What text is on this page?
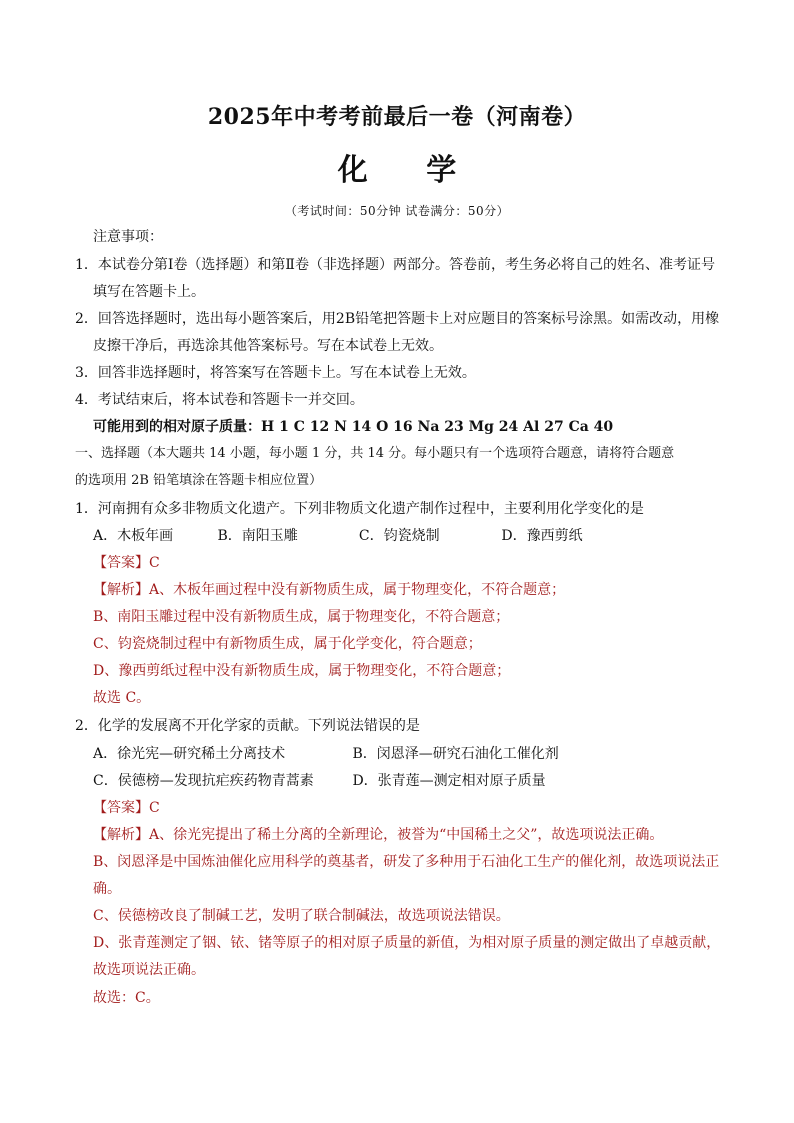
2025年中考考前最后一卷（河南卷）
化 学
（考试时间：50分钟 试卷满分：50分）
注意事项：
1．本试卷分第Ⅰ卷（选择题）和第Ⅱ卷（非选择题）两部分。答卷前，考生务必将自己的姓名、准考证号
填写在答题卡上。
2．回答选择题时，选出每小题答案后，用2B铅笔把答题卡上对应题目的答案标号涂黑。如需改动，用橡
皮擦干净后，再选涂其他答案标号。写在本试卷上无效。
3．回答非选择题时，将答案写在答题卡上。写在本试卷上无效。
4．考试结束后，将本试卷和答题卡一并交回。
可能用到的相对原子质量：H 1 C 12 N 14 O 16 Na 23 Mg 24 Al 27 Ca 40
一、选择题（本大题共 14 小题，每小题 1 分，共 14 分。每小题只有一个选项符合题意，请将符合题意
的选项用 2B 铅笔填涂在答题卡相应位置）
1．河南拥有众多非物质文化遗产。下列非物质文化遗产制作过程中，主要利用化学变化的是
A．木板年画	B．南阳玉雕	C．钧瓷烧制	D．豫西剪纸
【答案】C
【解析】A、木板年画过程中没有新物质生成，属于物理变化，不符合题意；
B、南阳玉雕过程中没有新物质生成，属于物理变化，不符合题意；
C、钧瓷烧制过程中有新物质生成，属于化学变化，符合题意；
D、豫西剪纸过程中没有新物质生成，属于物理变化，不符合题意；
故选 C。
2．化学的发展离不开化学家的贡献。下列说法错误的是
A．徐光宪—研究稀土分离技术	B．闵恩泽—研究石油化工催化剂
C．侯德榜—发现抗疟疾药物青蒿素	D．张青莲—测定相对原子质量
【答案】C
【解析】A、徐光宪提出了稀土分离的全新理论，被誉为“中国稀土之父”，故选项说法正确。
B、闵恩泽是中国炼油催化应用科学的奠基者，研发了多种用于石油化工生产的催化剂，故选项说法正
确。
C、侯德榜改良了制碱工艺，发明了联合制碱法，故选项说法错误。
D、张青莲测定了铟、铱、锗等原子的相对原子质量的新值，为相对原子质量的测定做出了卓越贡献，
故选项说法正确。
故选：C。
